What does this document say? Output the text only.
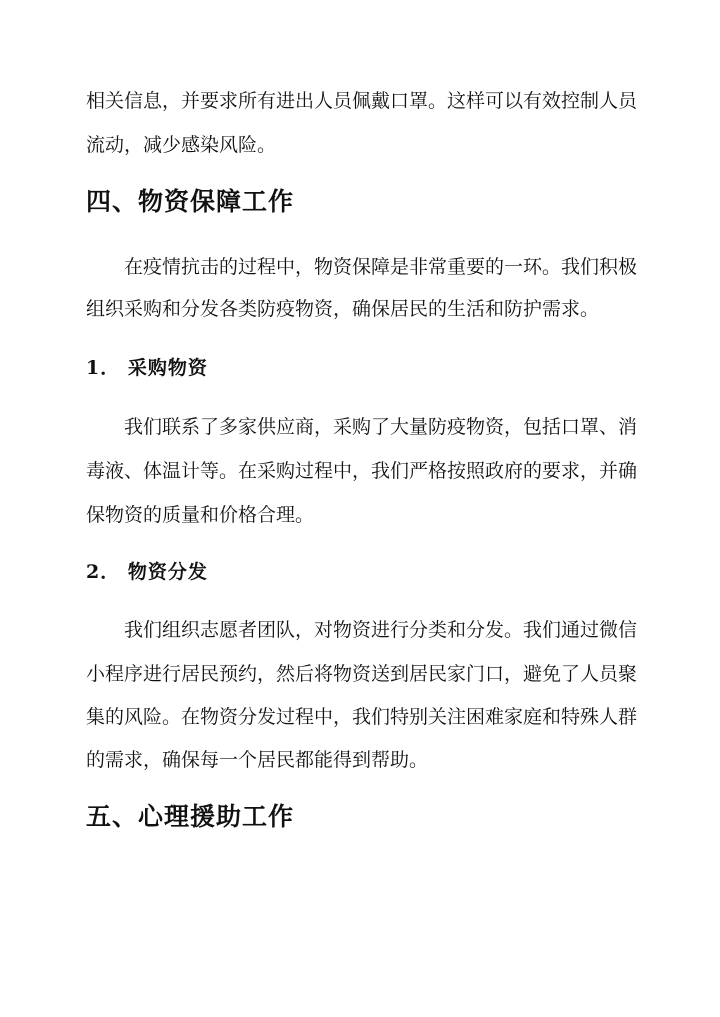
相关信息，并要求所有进出人员佩戴口罩。这样可以有效控制人员
流动，减少感染风险。
四、物资保障工作
在疫情抗击的过程中，物资保障是非常重要的一环。我们积极
组织采购和分发各类防疫物资，确保居民的生活和防护需求。
1． 采购物资
我们联系了多家供应商，采购了大量防疫物资，包括口罩、消
毒液、体温计等。在采购过程中，我们严格按照政府的要求，并确
保物资的质量和价格合理。
2． 物资分发
我们组织志愿者团队，对物资进行分类和分发。我们通过微信
小程序进行居民预约，然后将物资送到居民家门口，避免了人员聚
集的风险。在物资分发过程中，我们特别关注困难家庭和特殊人群
的需求，确保每一个居民都能得到帮助。
五、心理援助工作
